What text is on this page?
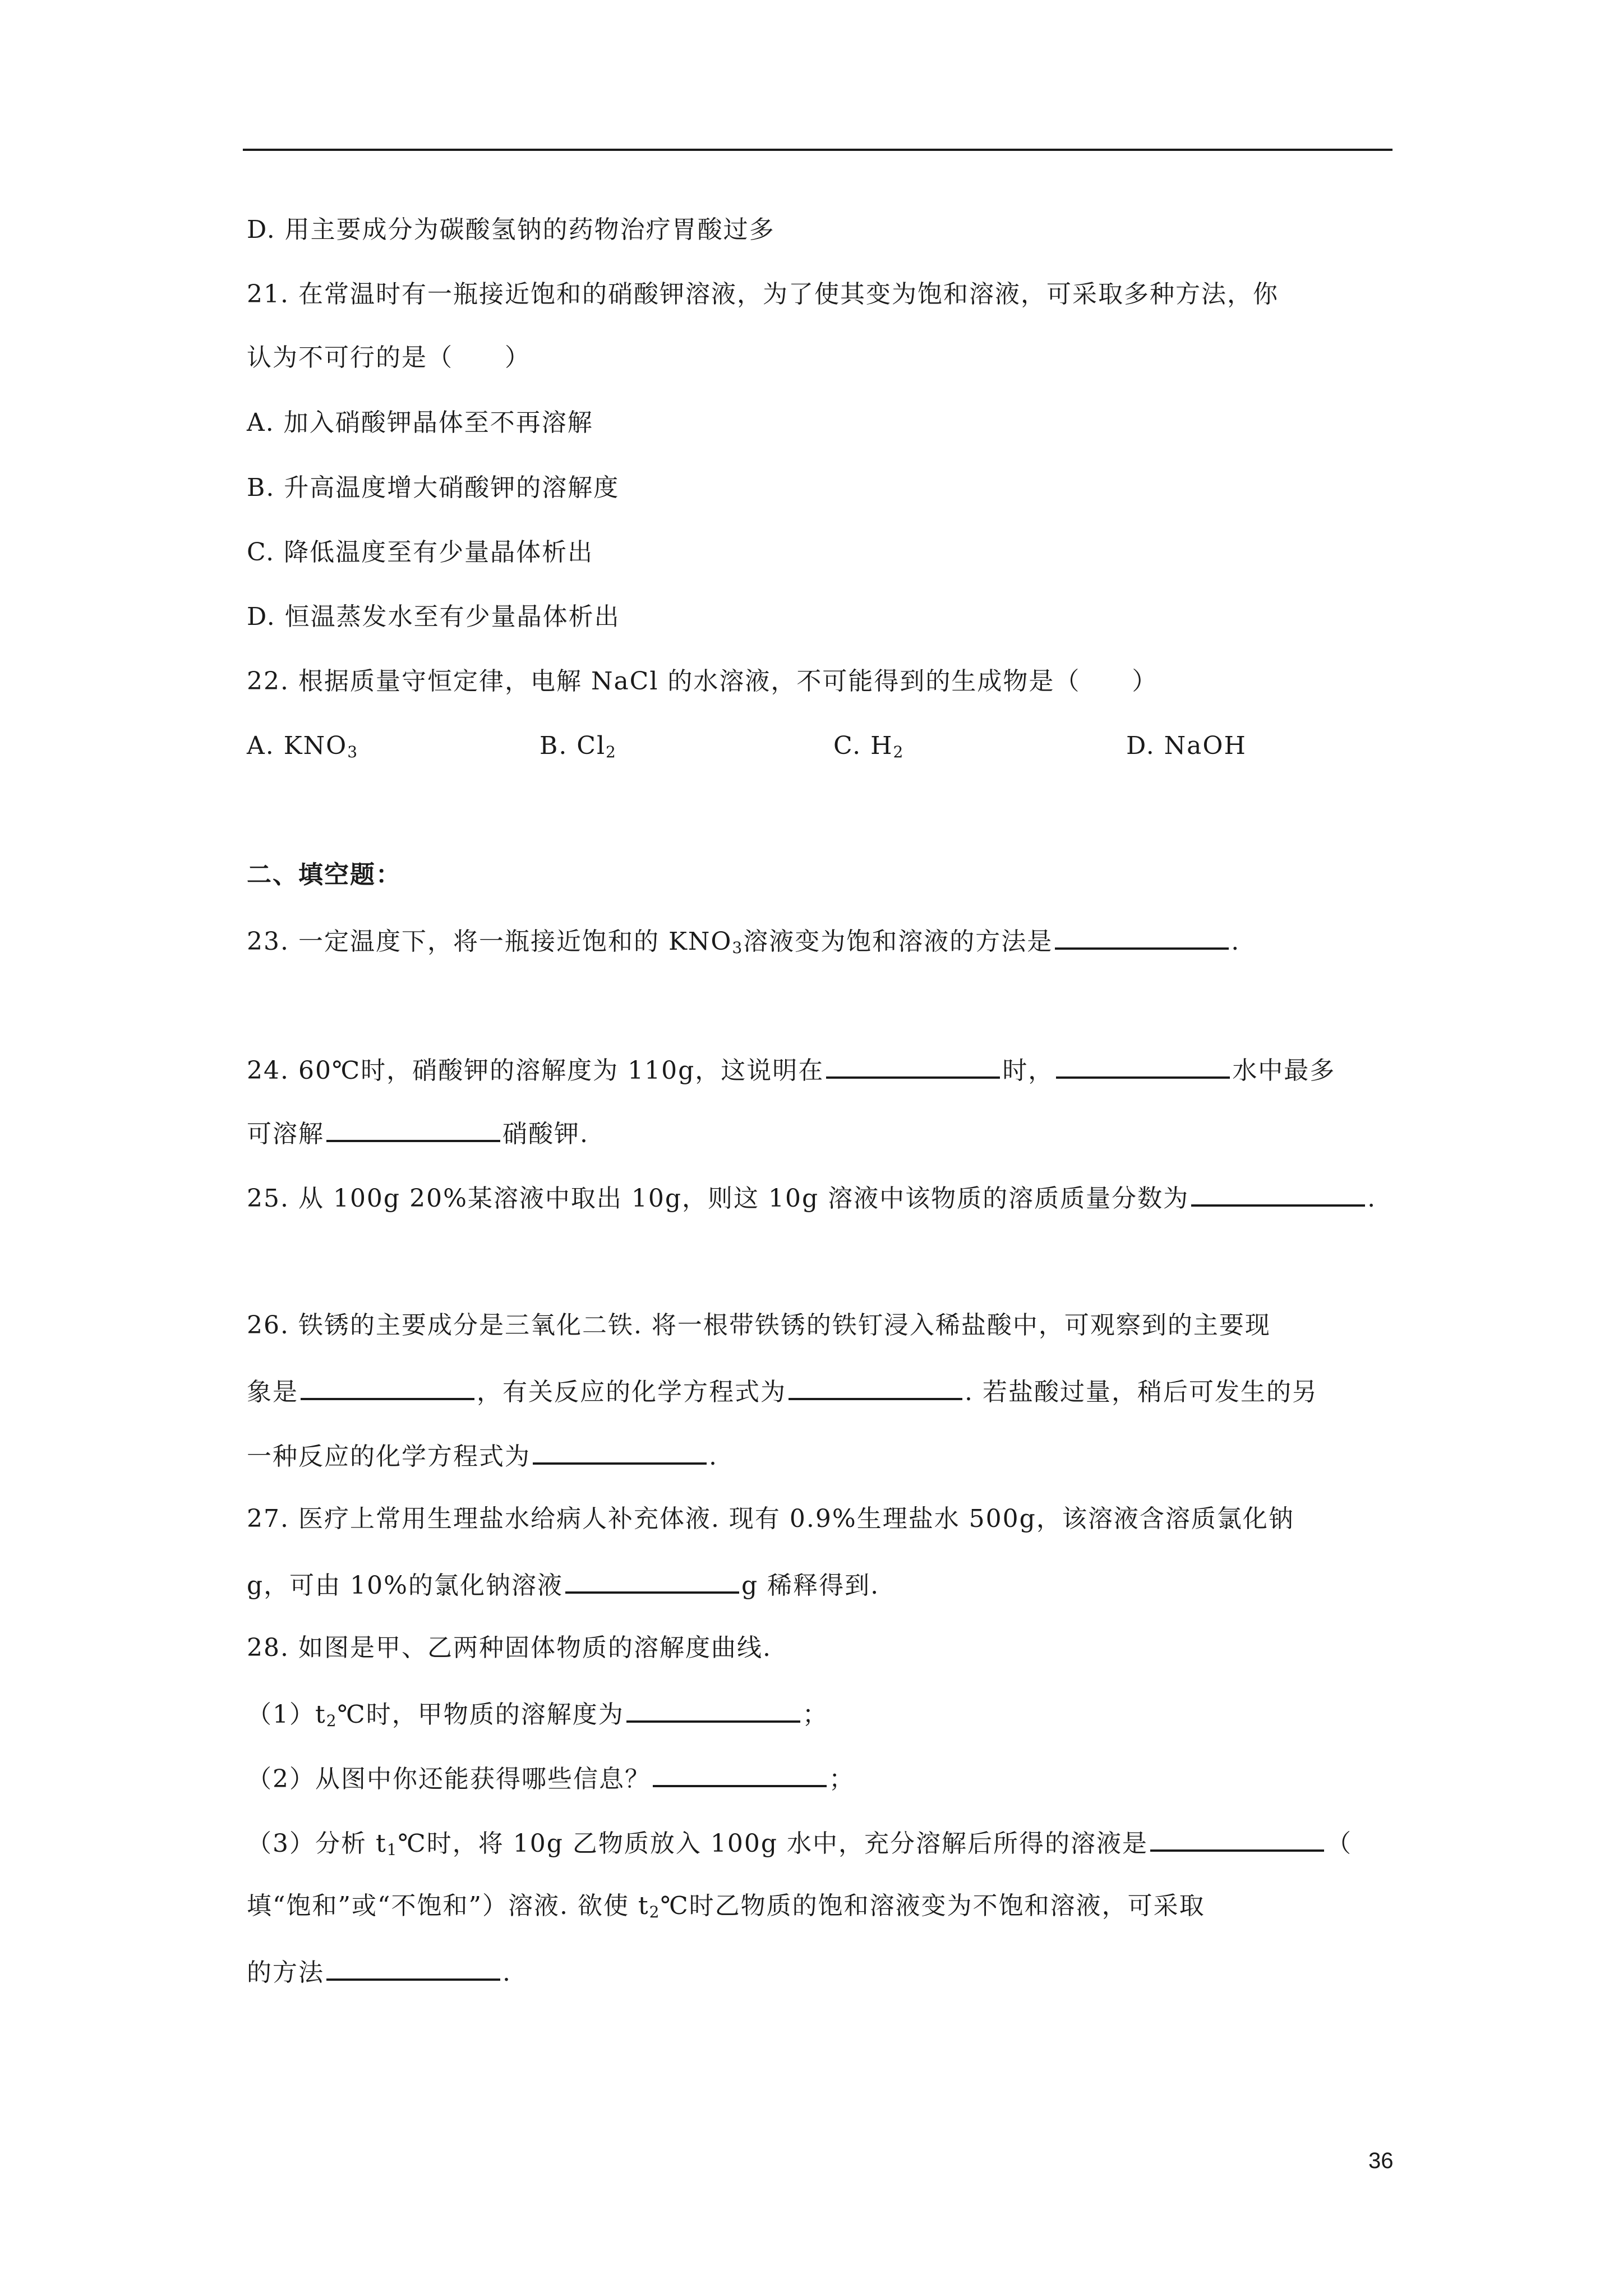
D. 用主要成分为碳酸氢钠的药物治疗胃酸过多
21. 在常温时有一瓶接近饱和的硝酸钾溶液，为了使其变为饱和溶液，可采取多种方法，你
认为不可行的是（　　）
A. 加入硝酸钾晶体至不再溶解
B. 升高温度增大硝酸钾的溶解度
C. 降低温度至有少量晶体析出
D. 恒温蒸发水至有少量晶体析出
22. 根据质量守恒定律，电解 NaCl 的水溶液，不可能得到的生成物是（　　）
A. $KNO_3$	B. $Cl_2$	C. $H_2$	D. NaOH
二、填空题：
23. 一定温度下，将一瓶接近饱和的 $KNO_3$溶液变为饱和溶液的方法是	.
24. 60℃时，硝酸钾的溶解度为 110g，这说明在	时，	水中最多
可溶解	硝酸钾.
25. 从 100g 20%某溶液中取出 10g，则这 10g 溶液中该物质的溶质质量分数为	.
26. 铁锈的主要成分是三氧化二铁. 将一根带铁锈的铁钉浸入稀盐酸中，可观察到的主要现
象是	，有关反应的化学方程式为	. 若盐酸过量，稍后可发生的另
一种反应的化学方程式为	.
27. 医疗上常用生理盐水给病人补充体液. 现有 0.9%生理盐水 500g，该溶液含溶质氯化钠
g，可由 10%的氯化钠溶液	g 稀释得到.
28. 如图是甲、乙两种固体物质的溶解度曲线.
$(1)t_2℃$时，甲物质的溶解度为	；
（2）从图中你还能获得哪些信息？	；
（3）分析 $t_1℃$时，将 10g 乙物质放入 100g 水中，充分溶解后所得的溶液是	（
填“饱和”或“不饱和”）溶液. 欲使 $t_2℃$时乙物质的饱和溶液变为不饱和溶液，可采取
的方法	.
36
